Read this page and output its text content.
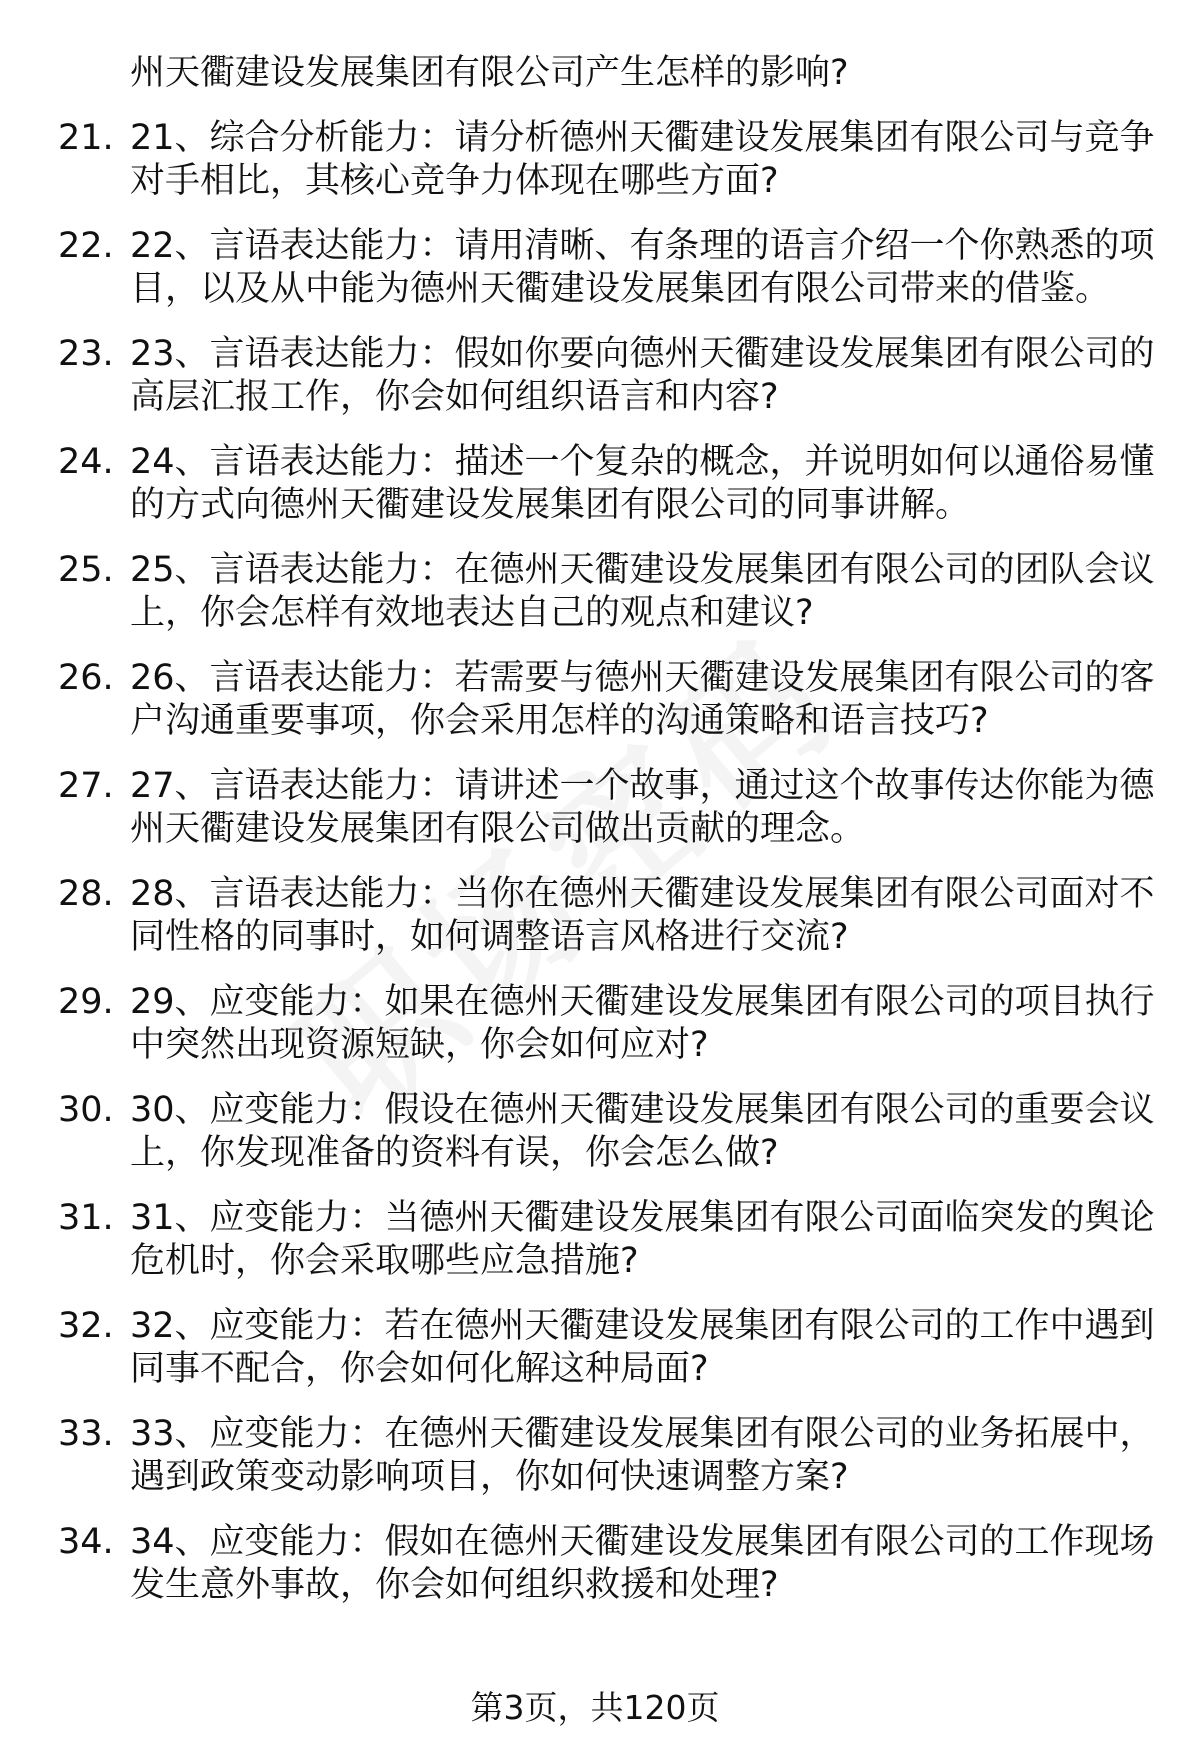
州天衢建设发展集团有限公司产生怎样的影响?
21. 21、综合分析能力：请分析德州天衢建设发展集团有限公司与竞争对手相比，其核心竞争力体现在哪些方面?
22. 22、言语表达能力：请用清晰、有条理的语言介绍一个你熟悉的项目，以及从中能为德州天衢建设发展集团有限公司带来的借鉴。
23. 23、言语表达能力：假如你要向德州天衢建设发展集团有限公司的高层汇报工作，你会如何组织语言和内容?
24. 24、言语表达能力：描述一个复杂的概念，并说明如何以通俗易懂的方式向德州天衢建设发展集团有限公司的同事讲解。
25. 25、言语表达能力：在德州天衢建设发展集团有限公司的团队会议上，你会怎样有效地表达自己的观点和建议?
26. 26、言语表达能力：若需要与德州天衢建设发展集团有限公司的客户沟通重要事项，你会采用怎样的沟通策略和语言技巧?
27. 27、言语表达能力：请讲述一个故事，通过这个故事传达你能为德州天衢建设发展集团有限公司做出贡献的理念。
28. 28、言语表达能力：当你在德州天衢建设发展集团有限公司面对不同性格的同事时，如何调整语言风格进行交流?
29. 29、应变能力：如果在德州天衢建设发展集团有限公司的项目执行中突然出现资源短缺，你会如何应对?
30. 30、应变能力：假设在德州天衢建设发展集团有限公司的重要会议上，你发现准备的资料有误，你会怎么做?
31. 31、应变能力：当德州天衢建设发展集团有限公司面临突发的舆论危机时，你会采取哪些应急措施?
32. 32、应变能力：若在德州天衢建设发展集团有限公司的工作中遇到同事不配合，你会如何化解这种局面?
33. 33、应变能力：在德州天衢建设发展集团有限公司的业务拓展中，遇到政策变动影响项目，你如何快速调整方案?
34. 34、应变能力：假如在德州天衢建设发展集团有限公司的工作现场发生意外事故，你会如何组织救援和处理?
第3页，共120页
